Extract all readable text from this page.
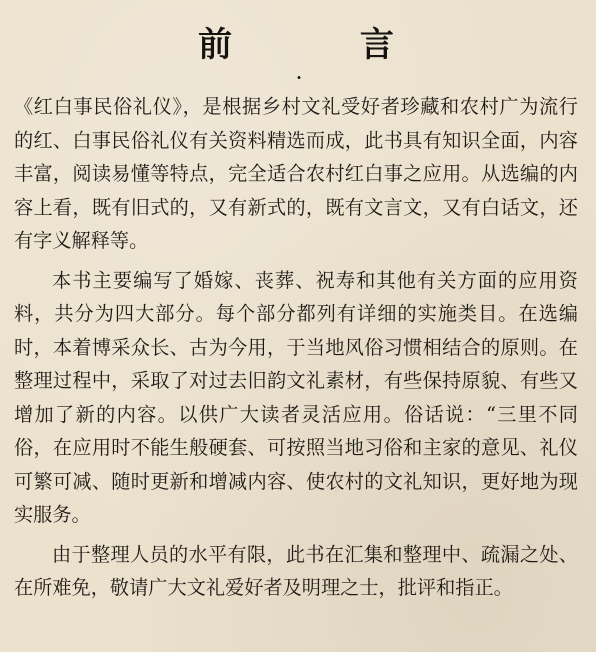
前 言
·

《红白事民俗礼仪》，是根据乡村文礼受好者珍藏和农村广为流行的红、白事民俗礼仪有关资料精选而成，此书具有知识全面，内容丰富，阅读易懂等特点，完全适合农村红白事之应用。从选编的内容上看，既有旧式的，又有新式的，既有文言文，又有白话文，还有字义解释等。

本书主要编写了婚嫁、丧葬、祝寿和其他有关方面的应用资料，共分为四大部分。每个部分都列有详细的实施类目。在选编时，本着博采众长、古为今用，于当地风俗习惯相结合的原则。在整理过程中，采取了对过去旧韵文礼素材，有些保持原貌、有些又增加了新的内容。以供广大读者灵活应用。俗话说：“三里不同俗，在应用时不能生般硬套、可按照当地习俗和主家的意见、礼仪可繁可减、随时更新和增减内容、使农村的文礼知识，更好地为现实服务。

由于整理人员的水平有限，此书在汇集和整理中、疏漏之处、在所难免，敬请广大文礼爱好者及明理之士，批评和指正。
